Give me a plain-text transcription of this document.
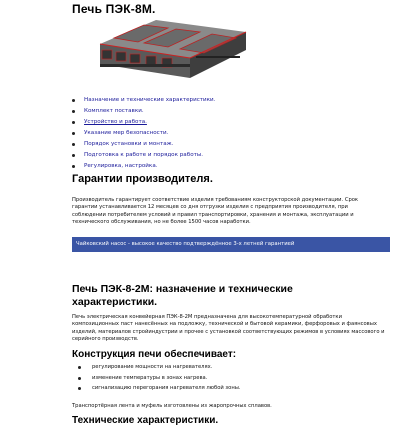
Печь ПЭК-8М.
Назначение и технические характеристики.
Комплект поставки.
Устройство и работа.
Указание мер безопасности.
Порядок установки и монтаж.
Подготовка к работе и порядок работы.
Регулировка, настройка.
Гарантии производителя.
Производитель гарантирует соответствие изделия требованиям конструкторской документации. Срок гарантии устанавливается 12 месяцев со дня отгрузки изделия с предприятия производителя, при соблюдении потребителем условий и правил транспортировки, хранения и монтажа, эксплуатации и технического обслуживания, но не более 1500 часов наработки.
Чайковский насос - высокое качество подтверждённое 3-х летней гарантией
Печь ПЭК-8-2М: назначение и технические характеристики.
Печь электрическая конвейерная ПЭК-8-2М предназначена для высокотемпературной обработки композиционных паст нанесённых на подложку, технической и бытовой керамики, ферфоровых и фаянсовых изделий, материалов стройиндустрии и прочее с установкой соответствующих режимов в условиях массового и серийного производств.
Конструкция печи обеспечивает:
регулирование мощности на нагревателях.
изменение температуры в зонах нагрева.
сигнализацию перегорания нагревателя любой зоны.
Транспортёрная лента и муфель изготовлены из жаропрочных сплавов.
Технические характеристики.
